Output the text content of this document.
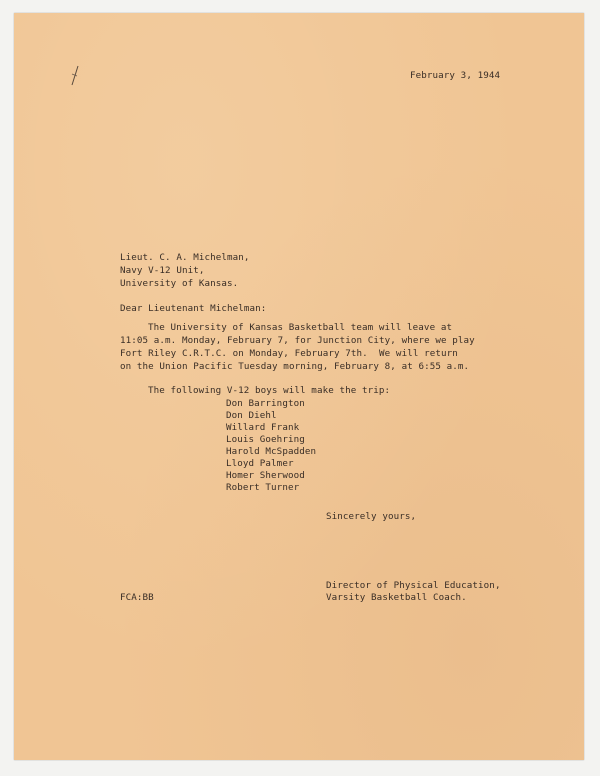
February 3, 1944
Lieut. C. A. Michelman,
Navy V-12 Unit,
University of Kansas.
Dear Lieutenant Michelman:
The University of Kansas Basketball team will leave at
11:05 a.m. Monday, February 7, for Junction City, where we play
Fort Riley C.R.T.C. on Monday, February 7th.  We will return
on the Union Pacific Tuesday morning, February 8, at 6:55 a.m.
The following V-12 boys will make the trip:
Don Barrington
Don Diehl
Willard Frank
Louis Goehring
Harold McSpadden
Lloyd Palmer
Homer Sherwood
Robert Turner
Sincerely yours,
Director of Physical Education,
Varsity Basketball Coach.
FCA:BB
